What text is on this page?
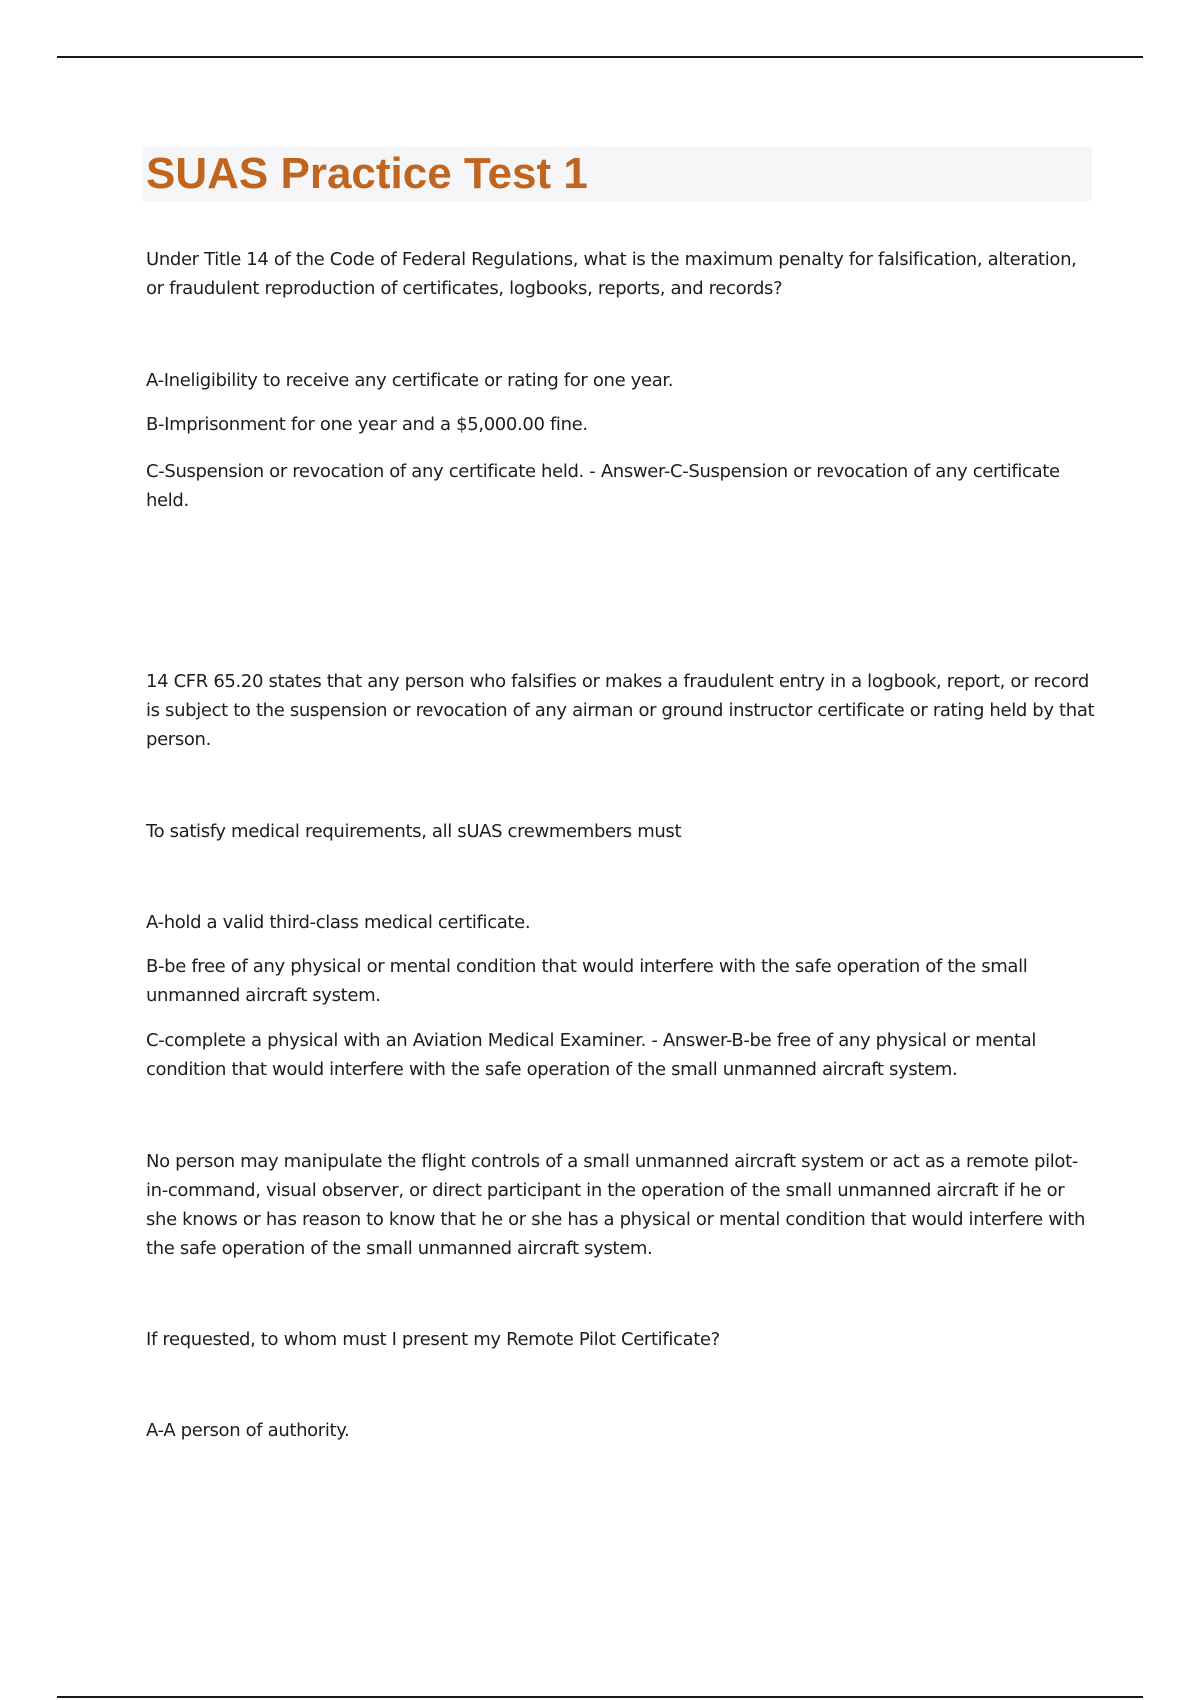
SUAS Practice Test 1

Under Title 14 of the Code of Federal Regulations, what is the maximum penalty for falsification, alteration, or fraudulent reproduction of certificates, logbooks, reports, and records?

A-Ineligibility to receive any certificate or rating for one year.

B-Imprisonment for one year and a $5,000.00 fine.

C-Suspension or revocation of any certificate held. - Answer-C-Suspension or revocation of any certificate held.

14 CFR 65.20 states that any person who falsifies or makes a fraudulent entry in a logbook, report, or record is subject to the suspension or revocation of any airman or ground instructor certificate or rating held by that person.

To satisfy medical requirements, all sUAS crewmembers must

A-hold a valid third-class medical certificate.

B-be free of any physical or mental condition that would interfere with the safe operation of the small unmanned aircraft system.

C-complete a physical with an Aviation Medical Examiner. - Answer-B-be free of any physical or mental condition that would interfere with the safe operation of the small unmanned aircraft system.

No person may manipulate the flight controls of a small unmanned aircraft system or act as a remote pilot-in-command, visual observer, or direct participant in the operation of the small unmanned aircraft if he or she knows or has reason to know that he or she has a physical or mental condition that would interfere with the safe operation of the small unmanned aircraft system.

If requested, to whom must I present my Remote Pilot Certificate?

A-A person of authority.
